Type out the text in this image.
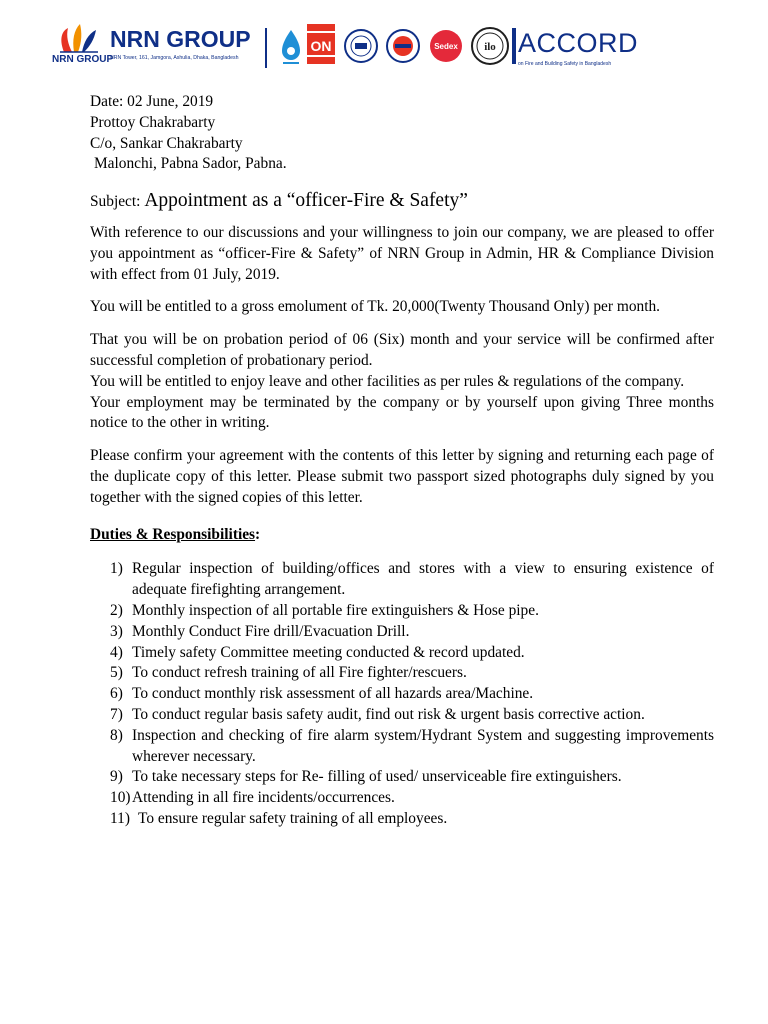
NRN GROUP
NRN GROUP
NRN Tower, 161, Jamgora, Ashulia, Dhaka, Bangladesh
ON	Sedex ilo ACCORD
on Fire and Building Safety in Bangladesh

Date: 02 June, 2019

Prottoy Chakrabarty

C/o, Sankar Chakrabarty

Malonchi, Pabna Sador, Pabna.

Subject: Appointment as a “officer-Fire & Safety”

With reference to our discussions and your willingness to join our company, we are pleased to offer you appointment as “officer-Fire & Safety” of NRN Group in Admin, HR & Compliance Division with effect from 01 July, 2019.

You will be entitled to a gross emolument of Tk. 20,000(Twenty Thousand Only) per month.

That you will be on probation period of 06 (Six) month and your service will be confirmed after successful completion of probationary period.

You will be entitled to enjoy leave and other facilities as per rules & regulations of the company.

Your employment may be terminated by the company or by yourself upon giving Three months notice to the other in writing.

Please confirm your agreement with the contents of this letter by signing and returning each page of the duplicate copy of this letter. Please submit two passport sized photographs duly signed by you together with the signed copies of this letter.

Duties & Responsibilities:

1) Regular inspection of building/offices and stores with a view to ensuring existence of adequate firefighting arrangement.
2) Monthly inspection of all portable fire extinguishers & Hose pipe.
3) Monthly Conduct Fire drill/Evacuation Drill.
4) Timely safety Committee meeting conducted & record updated.
5) To conduct refresh training of all Fire fighter/rescuers.
6) To conduct monthly risk assessment of all hazards area/Machine.
7) To conduct regular basis safety audit, find out risk & urgent basis corrective action.
8) Inspection and checking of fire alarm system/Hydrant System and suggesting improvements wherever necessary.
9) To take necessary steps for Re- filling of used/ unserviceable fire extinguishers.
10) Attending in all fire incidents/occurrences.
11) To ensure regular safety training of all employees.
